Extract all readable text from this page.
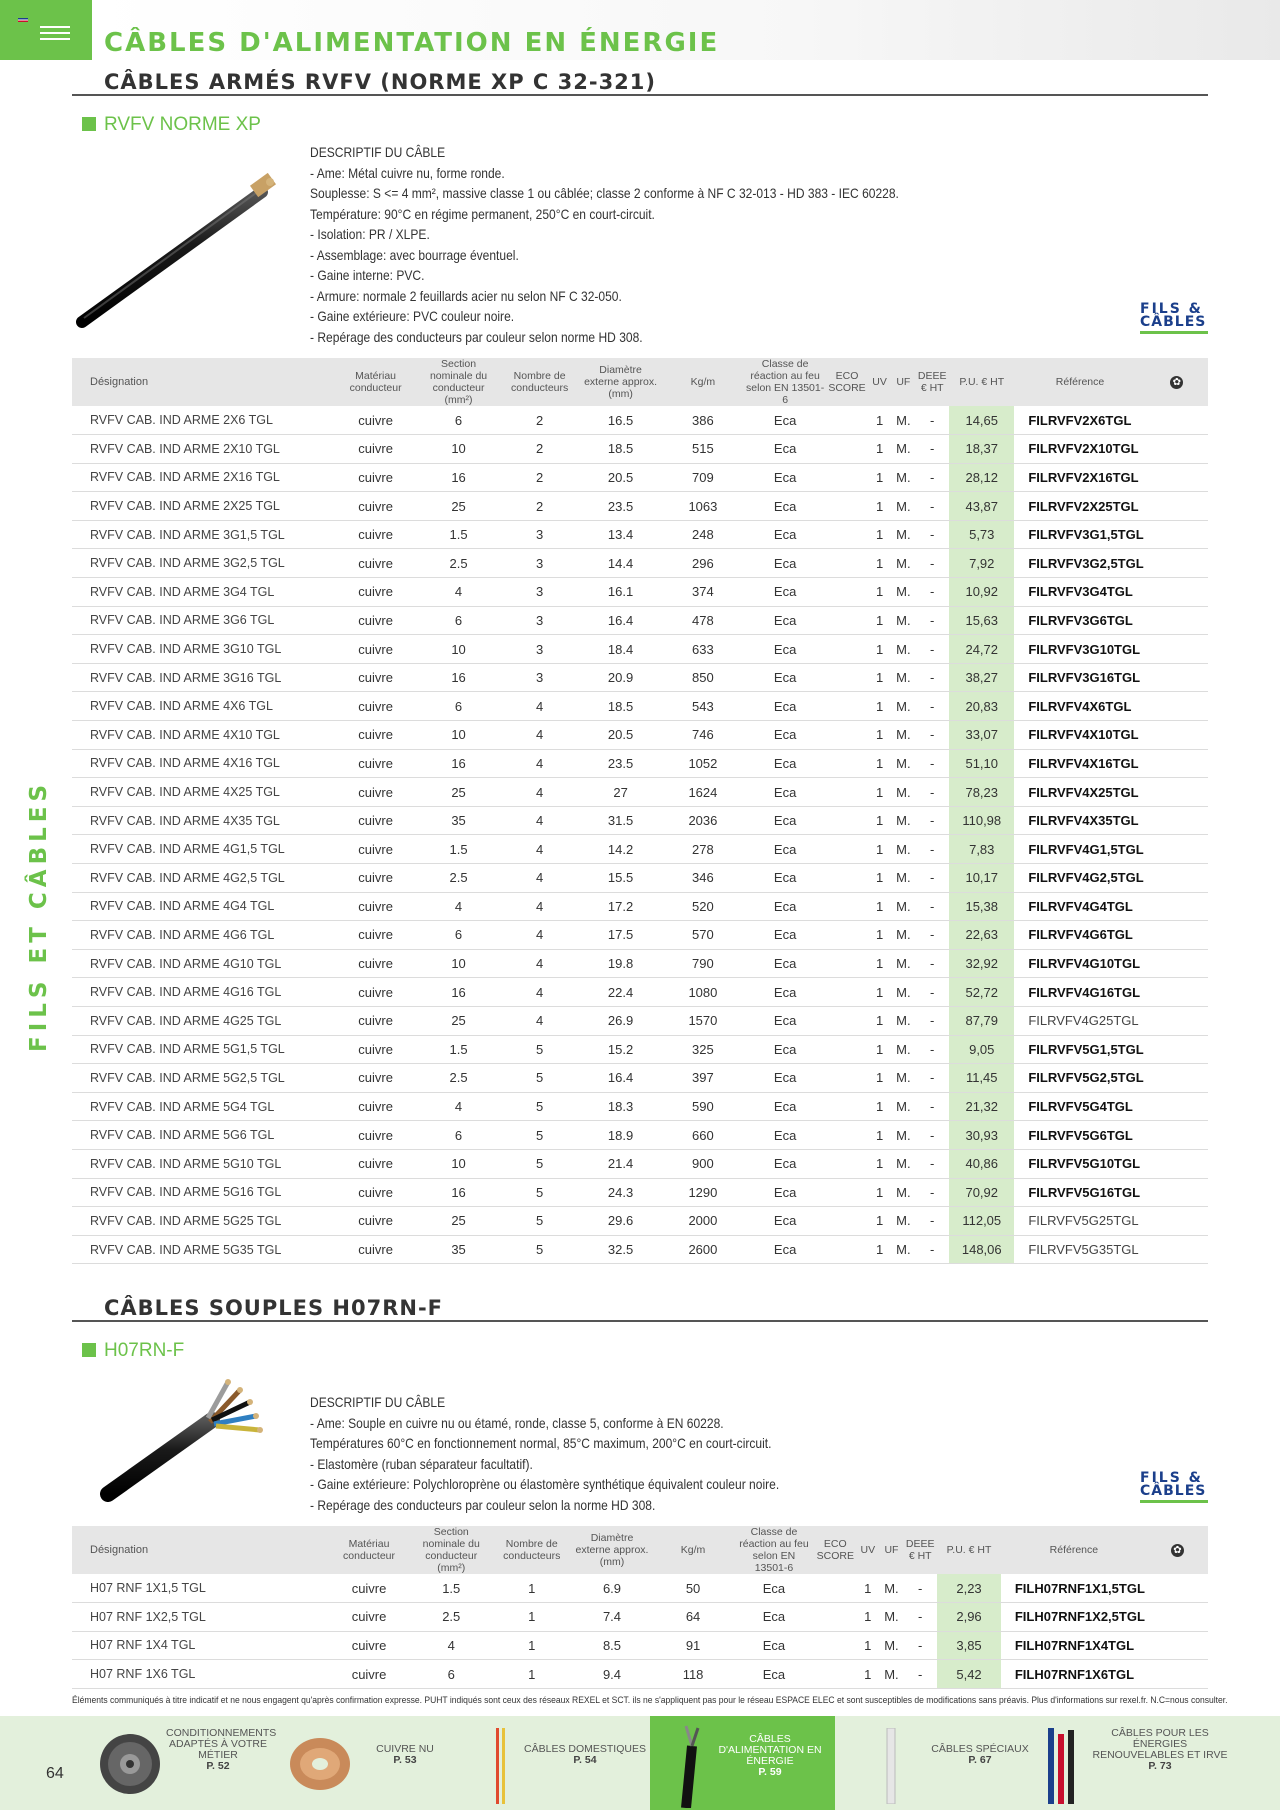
CÂBLES D'ALIMENTATION EN ÉNERGIE
FILS ET CÂBLES
CÂBLES ARMÉS RVFV (NORME XP C 32-321)
RVFV NORME XP

DESCRIPTIF DU CÂBLE

- Ame: Métal cuivre nu, forme ronde.

Souplesse: S <= 4 mm², massive classe 1 ou câblée; classe 2 conforme à NF C 32-013 - HD 383 - IEC 60228.

Température: 90°C en régime permanent, 250°C en court-circuit.

- Isolation: PR / XLPE.

- Assemblage: avec bourrage éventuel.

- Gaine interne: PVC.

- Armure: normale 2 feuillards acier nu selon NF C 32-050.

- Gaine extérieure: PVC couleur noire.

- Repérage des conducteurs par couleur selon norme HD 308.

FILS &
CÂBLES
Désignation	Matériau conducteur	Section nominale du conducteur (mm²)	Nombre de conducteurs	Diamètre externe approx. (mm)	Kg/m	Classe de réaction au feu selon EN 13501-6	ECO SCORE	UV	UF	DEEE € HT	P.U. € HT	Référence	✿
RVFV CAB. IND ARME 2X6 TGL	cuivre	6	2	16.5	386	Eca		1	M.	-	14,65	FILRVFV2X6TGL	
RVFV CAB. IND ARME 2X10 TGL	cuivre	10	2	18.5	515	Eca		1	M.	-	18,37	FILRVFV2X10TGL	
RVFV CAB. IND ARME 2X16 TGL	cuivre	16	2	20.5	709	Eca		1	M.	-	28,12	FILRVFV2X16TGL	
RVFV CAB. IND ARME 2X25 TGL	cuivre	25	2	23.5	1063	Eca		1	M.	-	43,87	FILRVFV2X25TGL	
RVFV CAB. IND ARME 3G1,5 TGL	cuivre	1.5	3	13.4	248	Eca		1	M.	-	5,73	FILRVFV3G1,5TGL	
RVFV CAB. IND ARME 3G2,5 TGL	cuivre	2.5	3	14.4	296	Eca		1	M.	-	7,92	FILRVFV3G2,5TGL	
RVFV CAB. IND ARME 3G4 TGL	cuivre	4	3	16.1	374	Eca		1	M.	-	10,92	FILRVFV3G4TGL	
RVFV CAB. IND ARME 3G6 TGL	cuivre	6	3	16.4	478	Eca		1	M.	-	15,63	FILRVFV3G6TGL	
RVFV CAB. IND ARME 3G10 TGL	cuivre	10	3	18.4	633	Eca		1	M.	-	24,72	FILRVFV3G10TGL	
RVFV CAB. IND ARME 3G16 TGL	cuivre	16	3	20.9	850	Eca		1	M.	-	38,27	FILRVFV3G16TGL	
RVFV CAB. IND ARME 4X6 TGL	cuivre	6	4	18.5	543	Eca		1	M.	-	20,83	FILRVFV4X6TGL	
RVFV CAB. IND ARME 4X10 TGL	cuivre	10	4	20.5	746	Eca		1	M.	-	33,07	FILRVFV4X10TGL	
RVFV CAB. IND ARME 4X16 TGL	cuivre	16	4	23.5	1052	Eca		1	M.	-	51,10	FILRVFV4X16TGL	
RVFV CAB. IND ARME 4X25 TGL	cuivre	25	4	27	1624	Eca		1	M.	-	78,23	FILRVFV4X25TGL	
RVFV CAB. IND ARME 4X35 TGL	cuivre	35	4	31.5	2036	Eca		1	M.	-	110,98	FILRVFV4X35TGL	
RVFV CAB. IND ARME 4G1,5 TGL	cuivre	1.5	4	14.2	278	Eca		1	M.	-	7,83	FILRVFV4G1,5TGL	
RVFV CAB. IND ARME 4G2,5 TGL	cuivre	2.5	4	15.5	346	Eca		1	M.	-	10,17	FILRVFV4G2,5TGL	
RVFV CAB. IND ARME 4G4 TGL	cuivre	4	4	17.2	520	Eca		1	M.	-	15,38	FILRVFV4G4TGL	
RVFV CAB. IND ARME 4G6 TGL	cuivre	6	4	17.5	570	Eca		1	M.	-	22,63	FILRVFV4G6TGL	
RVFV CAB. IND ARME 4G10 TGL	cuivre	10	4	19.8	790	Eca		1	M.	-	32,92	FILRVFV4G10TGL	
RVFV CAB. IND ARME 4G16 TGL	cuivre	16	4	22.4	1080	Eca		1	M.	-	52,72	FILRVFV4G16TGL	
RVFV CAB. IND ARME 4G25 TGL	cuivre	25	4	26.9	1570	Eca		1	M.	-	87,79	FILRVFV4G25TGL	
RVFV CAB. IND ARME 5G1,5 TGL	cuivre	1.5	5	15.2	325	Eca		1	M.	-	9,05	FILRVFV5G1,5TGL	
RVFV CAB. IND ARME 5G2,5 TGL	cuivre	2.5	5	16.4	397	Eca		1	M.	-	11,45	FILRVFV5G2,5TGL	
RVFV CAB. IND ARME 5G4 TGL	cuivre	4	5	18.3	590	Eca		1	M.	-	21,32	FILRVFV5G4TGL	
RVFV CAB. IND ARME 5G6 TGL	cuivre	6	5	18.9	660	Eca		1	M.	-	30,93	FILRVFV5G6TGL	
RVFV CAB. IND ARME 5G10 TGL	cuivre	10	5	21.4	900	Eca		1	M.	-	40,86	FILRVFV5G10TGL	
RVFV CAB. IND ARME 5G16 TGL	cuivre	16	5	24.3	1290	Eca		1	M.	-	70,92	FILRVFV5G16TGL	
RVFV CAB. IND ARME 5G25 TGL	cuivre	25	5	29.6	2000	Eca		1	M.	-	112,05	FILRVFV5G25TGL	
RVFV CAB. IND ARME 5G35 TGL	cuivre	35	5	32.5	2600	Eca		1	M.	-	148,06	FILRVFV5G35TGL	
CÂBLES SOUPLES H07RN-F
H07RN-F

DESCRIPTIF DU CÂBLE

- Ame: Souple en cuivre nu ou étamé, ronde, classe 5, conforme à EN 60228.

Températures 60°C en fonctionnement normal, 85°C maximum, 200°C en court-circuit.

- Elastomère (ruban séparateur facultatif).

- Gaine extérieure: Polychloroprène ou élastomère synthétique équivalent couleur noire.

- Repérage des conducteurs par couleur selon la norme HD 308.

FILS &
CÂBLES
Désignation	Matériau conducteur	Section nominale du conducteur (mm²)	Nombre de conducteurs	Diamètre externe approx. (mm)	Kg/m	Classe de réaction au feu selon EN 13501-6	ECO SCORE	UV	UF	DEEE € HT	P.U. € HT	Référence	✿
H07 RNF 1X1,5 TGL	cuivre	1.5	1	6.9	50	Eca		1	M.	-	2,23	FILH07RNF1X1,5TGL	
H07 RNF 1X2,5 TGL	cuivre	2.5	1	7.4	64	Eca		1	M.	-	2,96	FILH07RNF1X2,5TGL	
H07 RNF 1X4 TGL	cuivre	4	1	8.5	91	Eca		1	M.	-	3,85	FILH07RNF1X4TGL	
H07 RNF 1X6 TGL	cuivre	6	1	9.4	118	Eca		1	M.	-	5,42	FILH07RNF1X6TGL	
Éléments communiqués à titre indicatif et ne nous engagent qu'après confirmation expresse. PUHT indiqués sont ceux des réseaux REXEL et SCT. ils ne s'appliquent pas pour le réseau ESPACE ELEC et sont susceptibles de modifications sans préavis. Plus d'informations sur rexel.fr. N.C=nous consulter.
64
CONDITIONNEMENTS ADAPTÉS À VOTRE MÉTIER
P. 52
CUIVRE NU
P. 53
CÂBLES DOMESTIQUES
P. 54
CÂBLES D'ALIMENTATION EN ÉNERGIE
P. 59
CÂBLES SPÉCIAUX
P. 67
CÂBLES POUR LES ÉNERGIES RENOUVELABLES ET IRVE
P. 73
